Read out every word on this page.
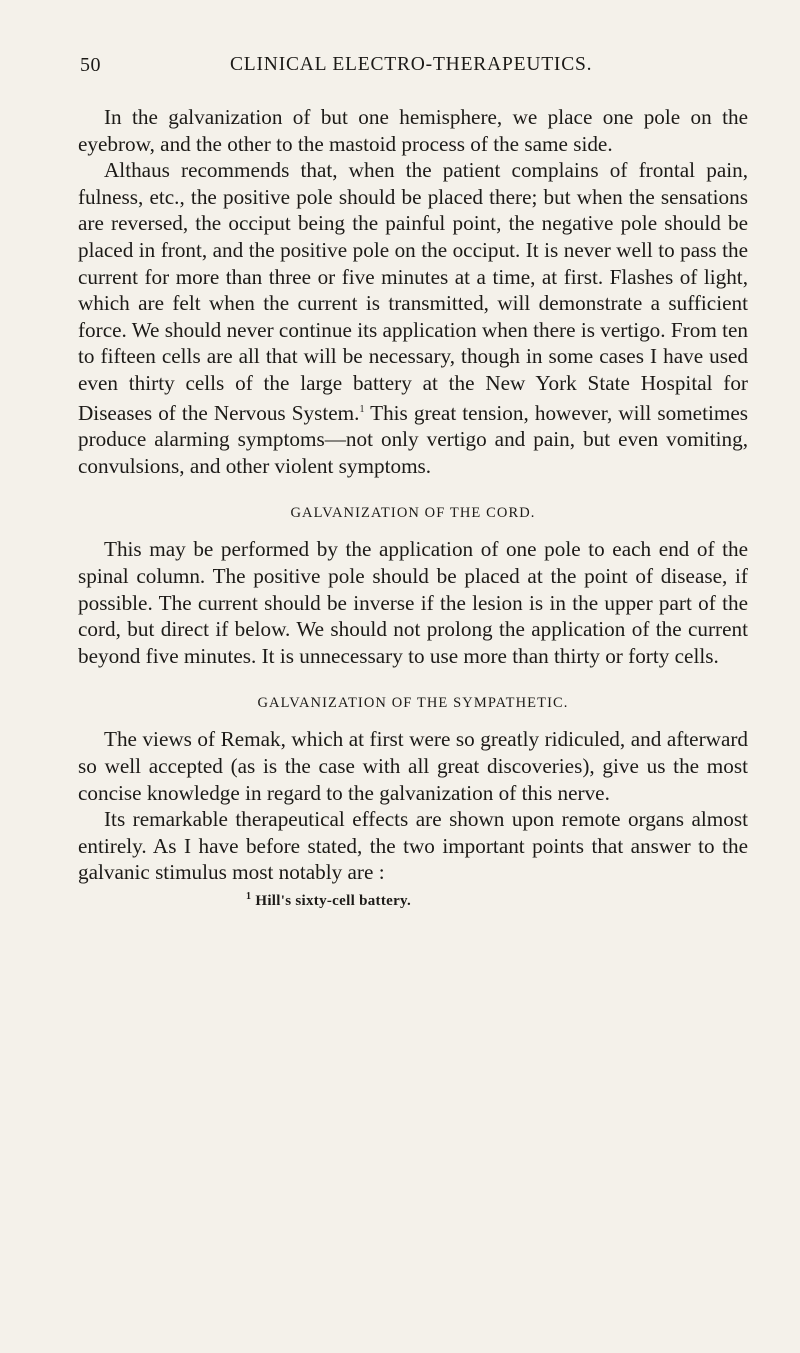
50	CLINICAL ELECTRO-THERAPEUTICS.

In the galvanization of but one hemisphere, we place one pole on the eyebrow, and the other to the mastoid process of the same side.

Althaus recommends that, when the patient complains of frontal pain, fulness, etc., the positive pole should be placed there; but when the sensations are reversed, the occiput being the painful point, the negative pole should be placed in front, and the positive pole on the occiput. It is never well to pass the current for more than three or five minutes at a time, at first. Flashes of light, which are felt when the current is transmitted, will demonstrate a sufficient force. We should never continue its application when there is vertigo. From ten to fifteen cells are all that will be necessary, though in some cases I have used even thirty cells of the large battery at the New York State Hospital for Diseases of the Nervous System.$^1$ This great tension, however, will sometimes produce alarming symptoms—not only vertigo and pain, but even vomiting, convulsions, and other violent symptoms.

GALVANIZATION OF THE CORD.

This may be performed by the application of one pole to each end of the spinal column. The positive pole should be placed at the point of disease, if possible. The current should be inverse if the lesion is in the upper part of the cord, but direct if below. We should not prolong the application of the current beyond five minutes. It is unnecessary to use more than thirty or forty cells.

GALVANIZATION OF THE SYMPATHETIC.

The views of Remak, which at first were so greatly ridiculed, and afterward so well accepted (as is the case with all great discoveries), give us the most concise knowledge in regard to the galvanization of this nerve.

Its remarkable therapeutical effects are shown upon remote organs almost entirely. As I have before stated, the two important points that answer to the galvanic stimulus most notably are :

$^1$ Hill's sixty-cell battery.
